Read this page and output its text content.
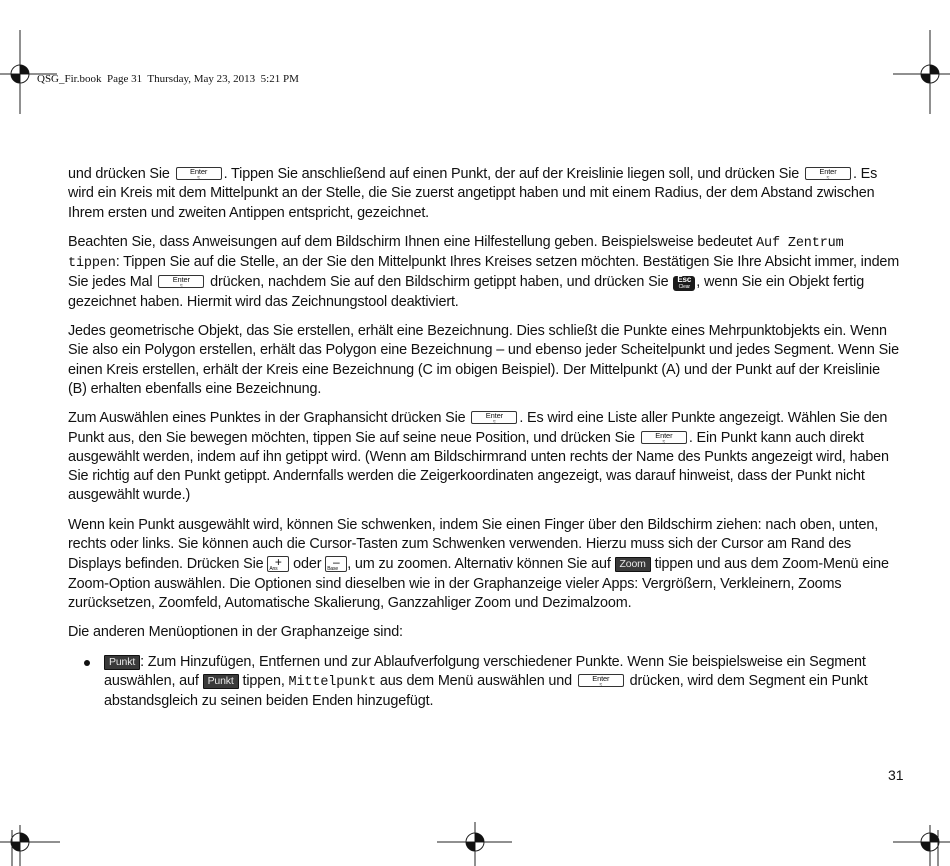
QSG_Fir.book  Page 31  Thursday, May 23, 2013  5:21 PM

und drücken Sie Enter
≈	. Tippen Sie anschließend auf einen Punkt, der auf der Kreislinie liegen soll, und drücken Sie Enter
≈	. Es wird ein Kreis mit dem Mittelpunkt an der Stelle, die Sie zuerst angetippt haben und mit einem Radius, der dem Abstand zwischen Ihrem ersten und zweiten Antippen entspricht, gezeichnet.

Beachten Sie, dass Anweisungen auf dem Bildschirm Ihnen eine Hilfestellung geben. Beispielsweise bedeutet Auf Zentrum tippen: Tippen Sie auf die Stelle, an der Sie den Mittelpunkt Ihres Kreises setzen möchten. Bestätigen Sie Ihre Absicht immer, indem Sie jedes Mal Enter
≈	drücken, nachdem Sie auf den Bildschirm getippt haben, und drücken Sie Esc
Clear , wenn Sie ein Objekt fertig gezeichnet haben. Hiermit wird das Zeichnungstool deaktiviert.

Jedes geometrische Objekt, das Sie erstellen, erhält eine Bezeichnung. Dies schließt die Punkte eines Mehrpunktobjekts ein. Wenn Sie also ein Polygon erstellen, erhält das Polygon eine Bezeichnung – und ebenso jeder Scheitelpunkt und jedes Segment. Wenn Sie einen Kreis erstellen, erhält der Kreis eine Bezeichnung (C im obigen Beispiel). Der Mittelpunkt (A) und der Punkt auf der Kreislinie (B) erhalten ebenfalls eine Bezeichnung.

Zum Auswählen eines Punktes in der Graphansicht drücken Sie Enter
≈	. Es wird eine Liste aller Punkte angezeigt. Wählen Sie den Punkt aus, den Sie bewegen möchten, tippen Sie auf seine neue Position, und drücken Sie Enter
≈	. Ein Punkt kann auch direkt ausgewählt werden, indem auf ihn getippt wird. (Wenn am Bildschirmrand unten rechts der Name des Punkts angezeigt wird, haben Sie richtig auf den Punkt getippt. Andernfalls werden die Zeigerkoordinaten angezeigt, was darauf hinweist, dass der Punkt nicht ausgewählt wurde.)

Wenn kein Punkt ausgewählt wird, können Sie schwenken, indem Sie einen Finger über den Bildschirm ziehen: nach oben, unten, rechts oder links. Sie können auch die Cursor-Tasten zum Schwenken verwenden. Hierzu muss sich der Cursor am Rand des Displays befinden. Drücken Sie +
Ans oder –
Base , um zu zoomen. Alternativ können Sie auf Zoom tippen und aus dem Zoom-Menü eine Zoom-Option auswählen. Die Optionen sind dieselben wie in der Graphanzeige vieler Apps: Vergrößern, Verkleinern, Zooms zurücksetzen, Zoomfeld, Automatische Skalierung, Ganzzahliger Zoom und Dezimalzoom.

Die anderen Menüoptionen in der Graphanzeige sind:

Punkt : Zum Hinzufügen, Entfernen und zur Ablaufverfolgung verschiedener Punkte. Wenn Sie beispielsweise ein Segment auswählen, auf Punkt tippen, Mittelpunkt aus dem Menü auswählen und Enter
≈	drücken, wird dem Segment ein Punkt abstandsgleich zu seinen beiden Enden hinzugefügt.
31
